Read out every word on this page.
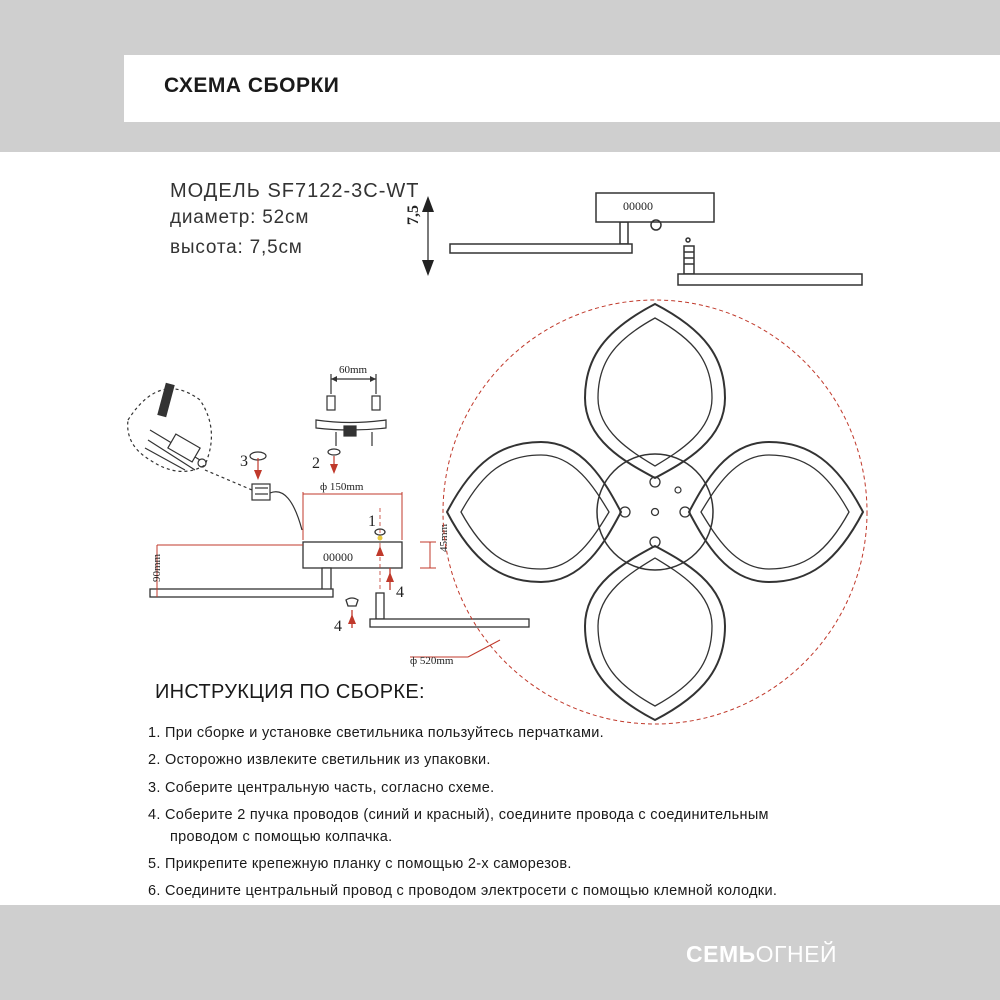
СХЕМА СБОРКИ
МОДЕЛЬ SF7122-3C-WT
диаметр: 52см
высота: 7,5см
7,5	00000
3
60mm
2
ф 150mm
00000
90mm
45mm
1
4
4
ф 520mm
ИНСТРУКЦИЯ ПО СБОРКЕ:
1. При сборке и установке светильника пользуйтесь перчатками.
2. Осторожно извлеките светильник из упаковки.
3. Соберите центральную часть, согласно схеме.
4. Соберите 2 пучка проводов (синий и красный), соедините провода с соединительным
проводом с помощью колпачка.
5. Прикрепите крепежную планку с помощью 2-х саморезов.
6. Соедините центральный провод с проводом электросети с помощью клемной колодки.
СЕМЬОГНЕЙ
